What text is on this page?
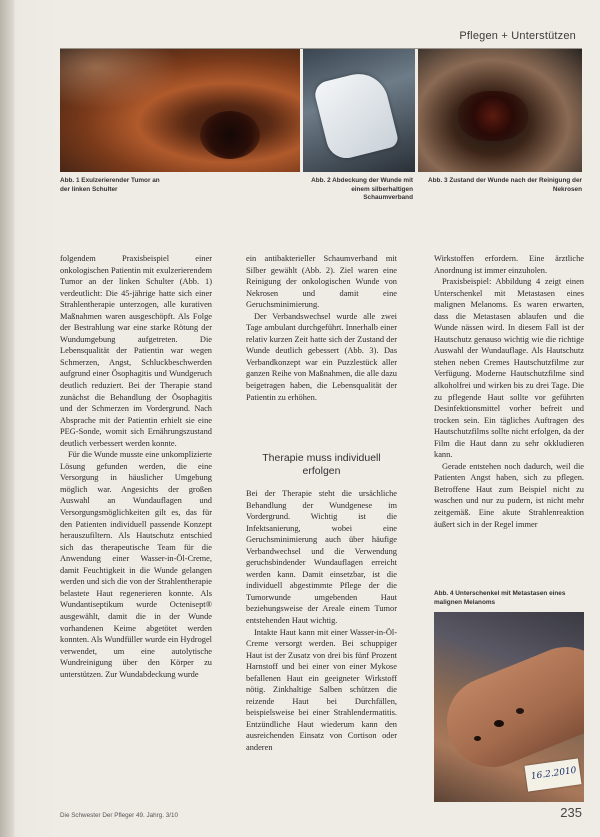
Pflegen + Unterstützen
Abb. 1 Exulzerierender Tumor an der linken Schulter
Abb. 2 Abdeckung der Wunde mit einem silberhaltigen Schaumverband
Abb. 3 Zustand der Wunde nach der Reinigung der Nekrosen

folgendem Praxisbeispiel einer onkologischen Patientin mit exulzerierendem Tumor an der linken Schulter (Abb. 1) verdeutlicht: Die 45-jährige hatte sich einer Strahlentherapie unterzogen, alle kurativen Maßnahmen waren ausgeschöpft. Als Folge der Bestrahlung war eine starke Rötung der Wundumgebung aufgetreten. Die Lebensqualität der Patientin war wegen Schmerzen, Angst, Schluckbeschwerden aufgrund einer Ösophagitis und Wundgeruch deutlich reduziert. Bei der Therapie stand zunächst die Behandlung der Ösophagitis und der Schmerzen im Vordergrund. Nach Absprache mit der Patientin erhielt sie eine PEG-Sonde, womit sich Ernährungszustand deutlich verbessert werden konnte.

Für die Wunde musste eine unkomplizierte Lösung gefunden werden, die eine Versorgung in häuslicher Umgebung möglich war. Angesichts der großen Auswahl an Wundauflagen und Versorgungsmöglichkeiten gilt es, das für den Patienten individuell passende Konzept herauszufiltern. Als Hautschutz entschied sich das therapeutische Team für die Anwendung einer Wasser-in-Öl-Creme, damit Feuchtigkeit in die Wunde gelangen werden und sich die von der Strahlentherapie belastete Haut regenerieren konnte. Als Wundantiseptikum wurde Octenisept® ausgewählt, damit die in der Wunde vorhandenen Keime abgetötet werden konnten. Als Wundfüller wurde ein Hydrogel verwendet, um eine autolytische Wundreinigung über den Körper zu unterstützen. Zur Wundabdeckung wurde

ein antibakterieller Schaumverband mit Silber gewählt (Abb. 2). Ziel waren eine Reinigung der onkologischen Wunde von Nekrosen und damit eine Geruchsminimierung.

Der Verbandswechsel wurde alle zwei Tage ambulant durchgeführt. Innerhalb einer relativ kurzen Zeit hatte sich der Zustand der Wunde deutlich gebessert (Abb. 3). Das Verbandkonzept war ein Puzzlestück aller ganzen Reihe von Maßnahmen, die alle dazu beigetragen haben, die Lebensqualität der Patientin zu erhöhen.

Therapie muss individuell erfolgen

Bei der Therapie steht die ursächliche Behandlung der Wundgenese im Vordergrund. Wichtig ist die Infektsanierung, wobei eine Geruchsminimierung auch über häufige Verbandwechsel und die Verwendung geruchsbindender Wundauflagen erreicht werden kann. Damit einsetzbar, ist die individuell abgestimmte Pflege der die Tumorwunde umgebenden Haut beziehungsweise der Areale einem Tumor entstehenden Haut wichtig.

Intakte Haut kann mit einer Wasser-in-Öl-Creme versorgt werden. Bei schuppiger Haut ist der Zusatz von drei bis fünf Prozent Harnstoff und bei einer von einer Mykose befallenen Haut ein geeigneter Wirkstoff nötig. Zinkhaltige Salben schützen die reizende Haut bei Durchfällen, beispielsweise bei einer Strahlendermatitis. Entzündliche Haut wiederum kann den ausreichenden Einsatz von Cortison oder anderen

Wirkstoffen erfordern. Eine ärztliche Anordnung ist immer einzuholen.

Praxisbeispiel: Abbildung 4 zeigt einen Unterschenkel mit Metastasen eines malignen Melanoms. Es waren erwarten, dass die Metastasen ablaufen und die Wunde nässen wird. In diesem Fall ist der Hautschutz genauso wichtig wie die richtige Auswahl der Wundauflage. Als Hautschutz stehen neben Cremes Hautschutzfilme zur Verfügung. Moderne Hautschutzfilme sind alkoholfrei und wirken bis zu drei Tage. Die zu pflegende Haut sollte vor geführten Desinfektionsmittel vorher befreit und trocken sein. Ein tägliches Auftragen des Hautschutzfilms sollte nicht erfolgen, da der Film die Haut dann zu sehr okkludieren kann.

Gerade entstehen noch dadurch, weil die Patienten Angst haben, sich zu pflegen. Betroffene Haut zum Beispiel nicht zu waschen und nur zu pudern, ist nicht mehr zeitgemäß. Eine akute Strahlenreaktion äußert sich in der Regel immer

Abb. 4 Unterschenkel mit Metastasen eines malignen Melanoms
16.2.2010
Die Schwester Der Pfleger 49. Jahrg. 3/10	235
